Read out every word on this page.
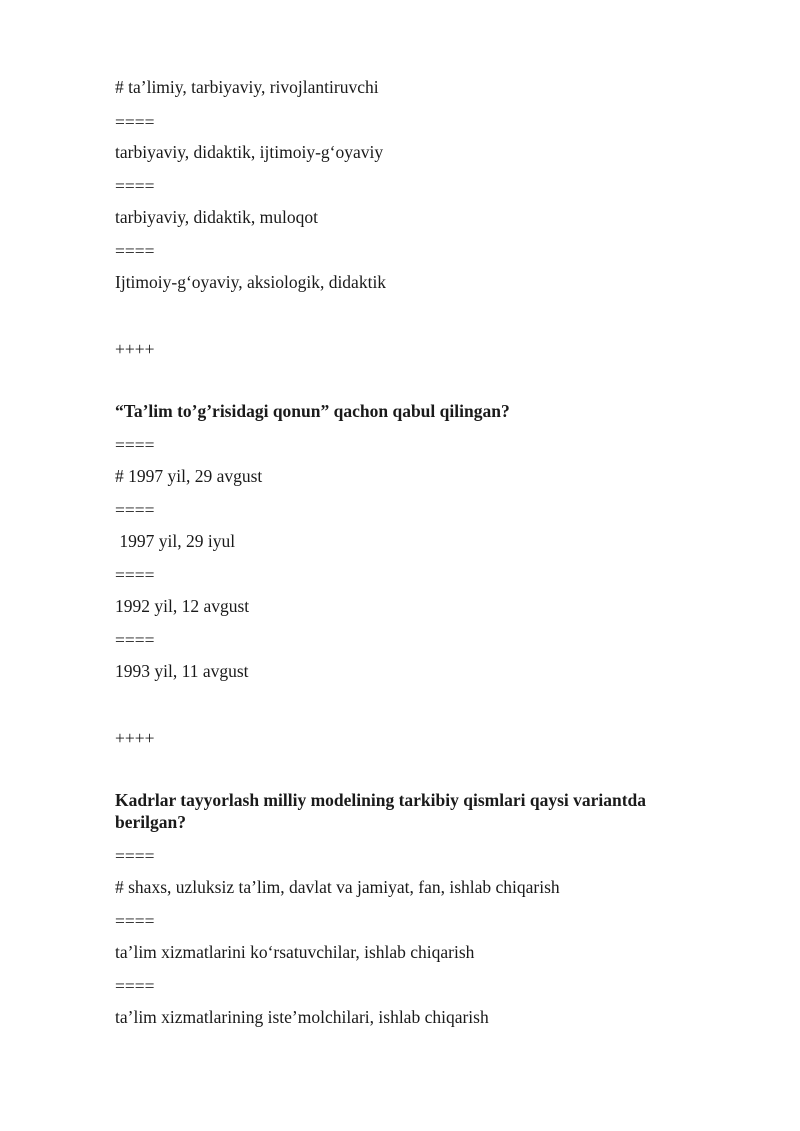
# ta’limiy, tarbiyaviy, rivojlantiruvchi
====
tarbiyaviy, didaktik, ijtimoiy-g‘oyaviy
====
tarbiyaviy, didaktik, muloqot
====
Ijtimoiy-g‘oyaviy, aksiologik, didaktik
++++
“Ta’lim to’g’risidagi qonun” qachon qabul qilingan?
====
# 1997 yil, 29 avgust
====
1997 yil, 29 iyul
====
1992 yil, 12 avgust
====
1993 yil, 11 avgust
++++
Kadrlar tayyorlash milliy modelining tarkibiy qismlari qaysi variantda berilgan?
====
# shaxs, uzluksiz ta’lim, davlat va jamiyat, fan, ishlab chiqarish
====
ta’lim xizmatlarini ko‘rsatuvchilar, ishlab chiqarish
====
ta’lim xizmatlarining iste’molchilari, ishlab chiqarish
